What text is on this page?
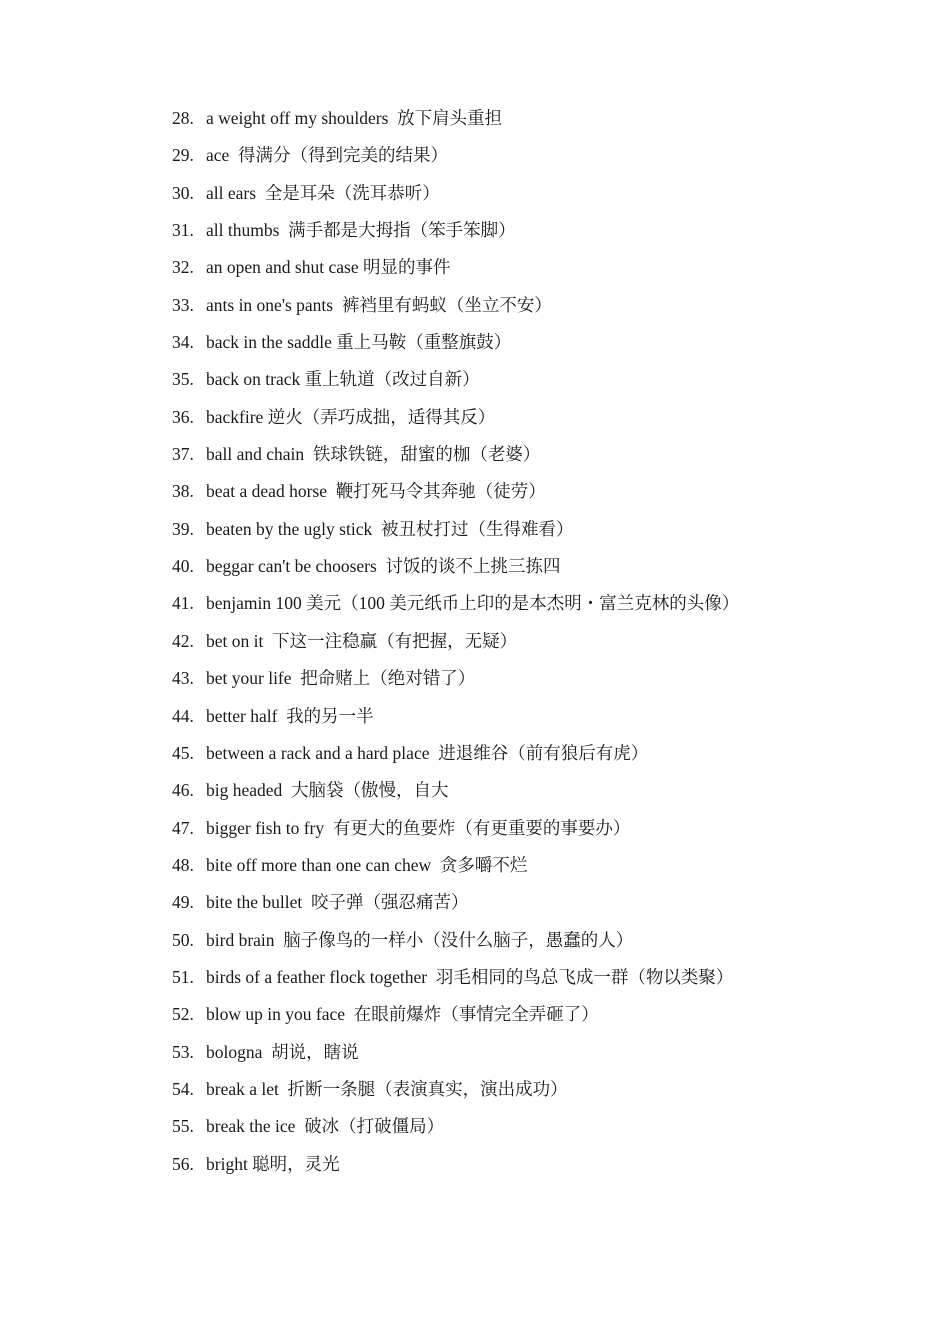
28. a weight off my shoulders  放下肩头重担
29. ace  得满分（得到完美的结果）
30. all ears  全是耳朵（洗耳恭听）
31. all thumbs  满手都是大拇指（笨手笨脚）
32. an open and shut case 明显的事件
33. ants in one's pants  裤裆里有蚂蚁（坐立不安）
34. back in the saddle 重上马鞍（重整旗鼓）
35. back on track 重上轨道（改过自新）
36. backfire 逆火（弄巧成拙，适得其反）
37. ball and chain  铁球铁链，甜蜜的枷（老婆）
38. beat a dead horse  鞭打死马令其奔驰（徒劳）
39. beaten by the ugly stick  被丑杖打过（生得难看）
40. beggar can't be choosers  讨饭的谈不上挑三拣四
41. benjamin 100 美元（100 美元纸币上印的是本杰明・富兰克林的头像）
42. bet on it  下这一注稳赢（有把握，无疑）
43. bet your life  把命赌上（绝对错了）
44. better half  我的另一半
45. between a rack and a hard place  进退维谷（前有狼后有虎）
46. big headed  大脑袋（傲慢，自大
47. bigger fish to fry  有更大的鱼要炸（有更重要的事要办）
48. bite off more than one can chew  贪多嚼不烂
49. bite the bullet  咬子弹（强忍痛苦）
50. bird brain  脑子像鸟的一样小（没什么脑子，愚蠢的人）
51. birds of a feather flock together  羽毛相同的鸟总飞成一群（物以类聚）
52. blow up in you face  在眼前爆炸（事情完全弄砸了）
53. bologna  胡说，瞎说
54. break a let  折断一条腿（表演真实，演出成功）
55. break the ice  破冰（打破僵局）
56. bright 聪明，灵光
